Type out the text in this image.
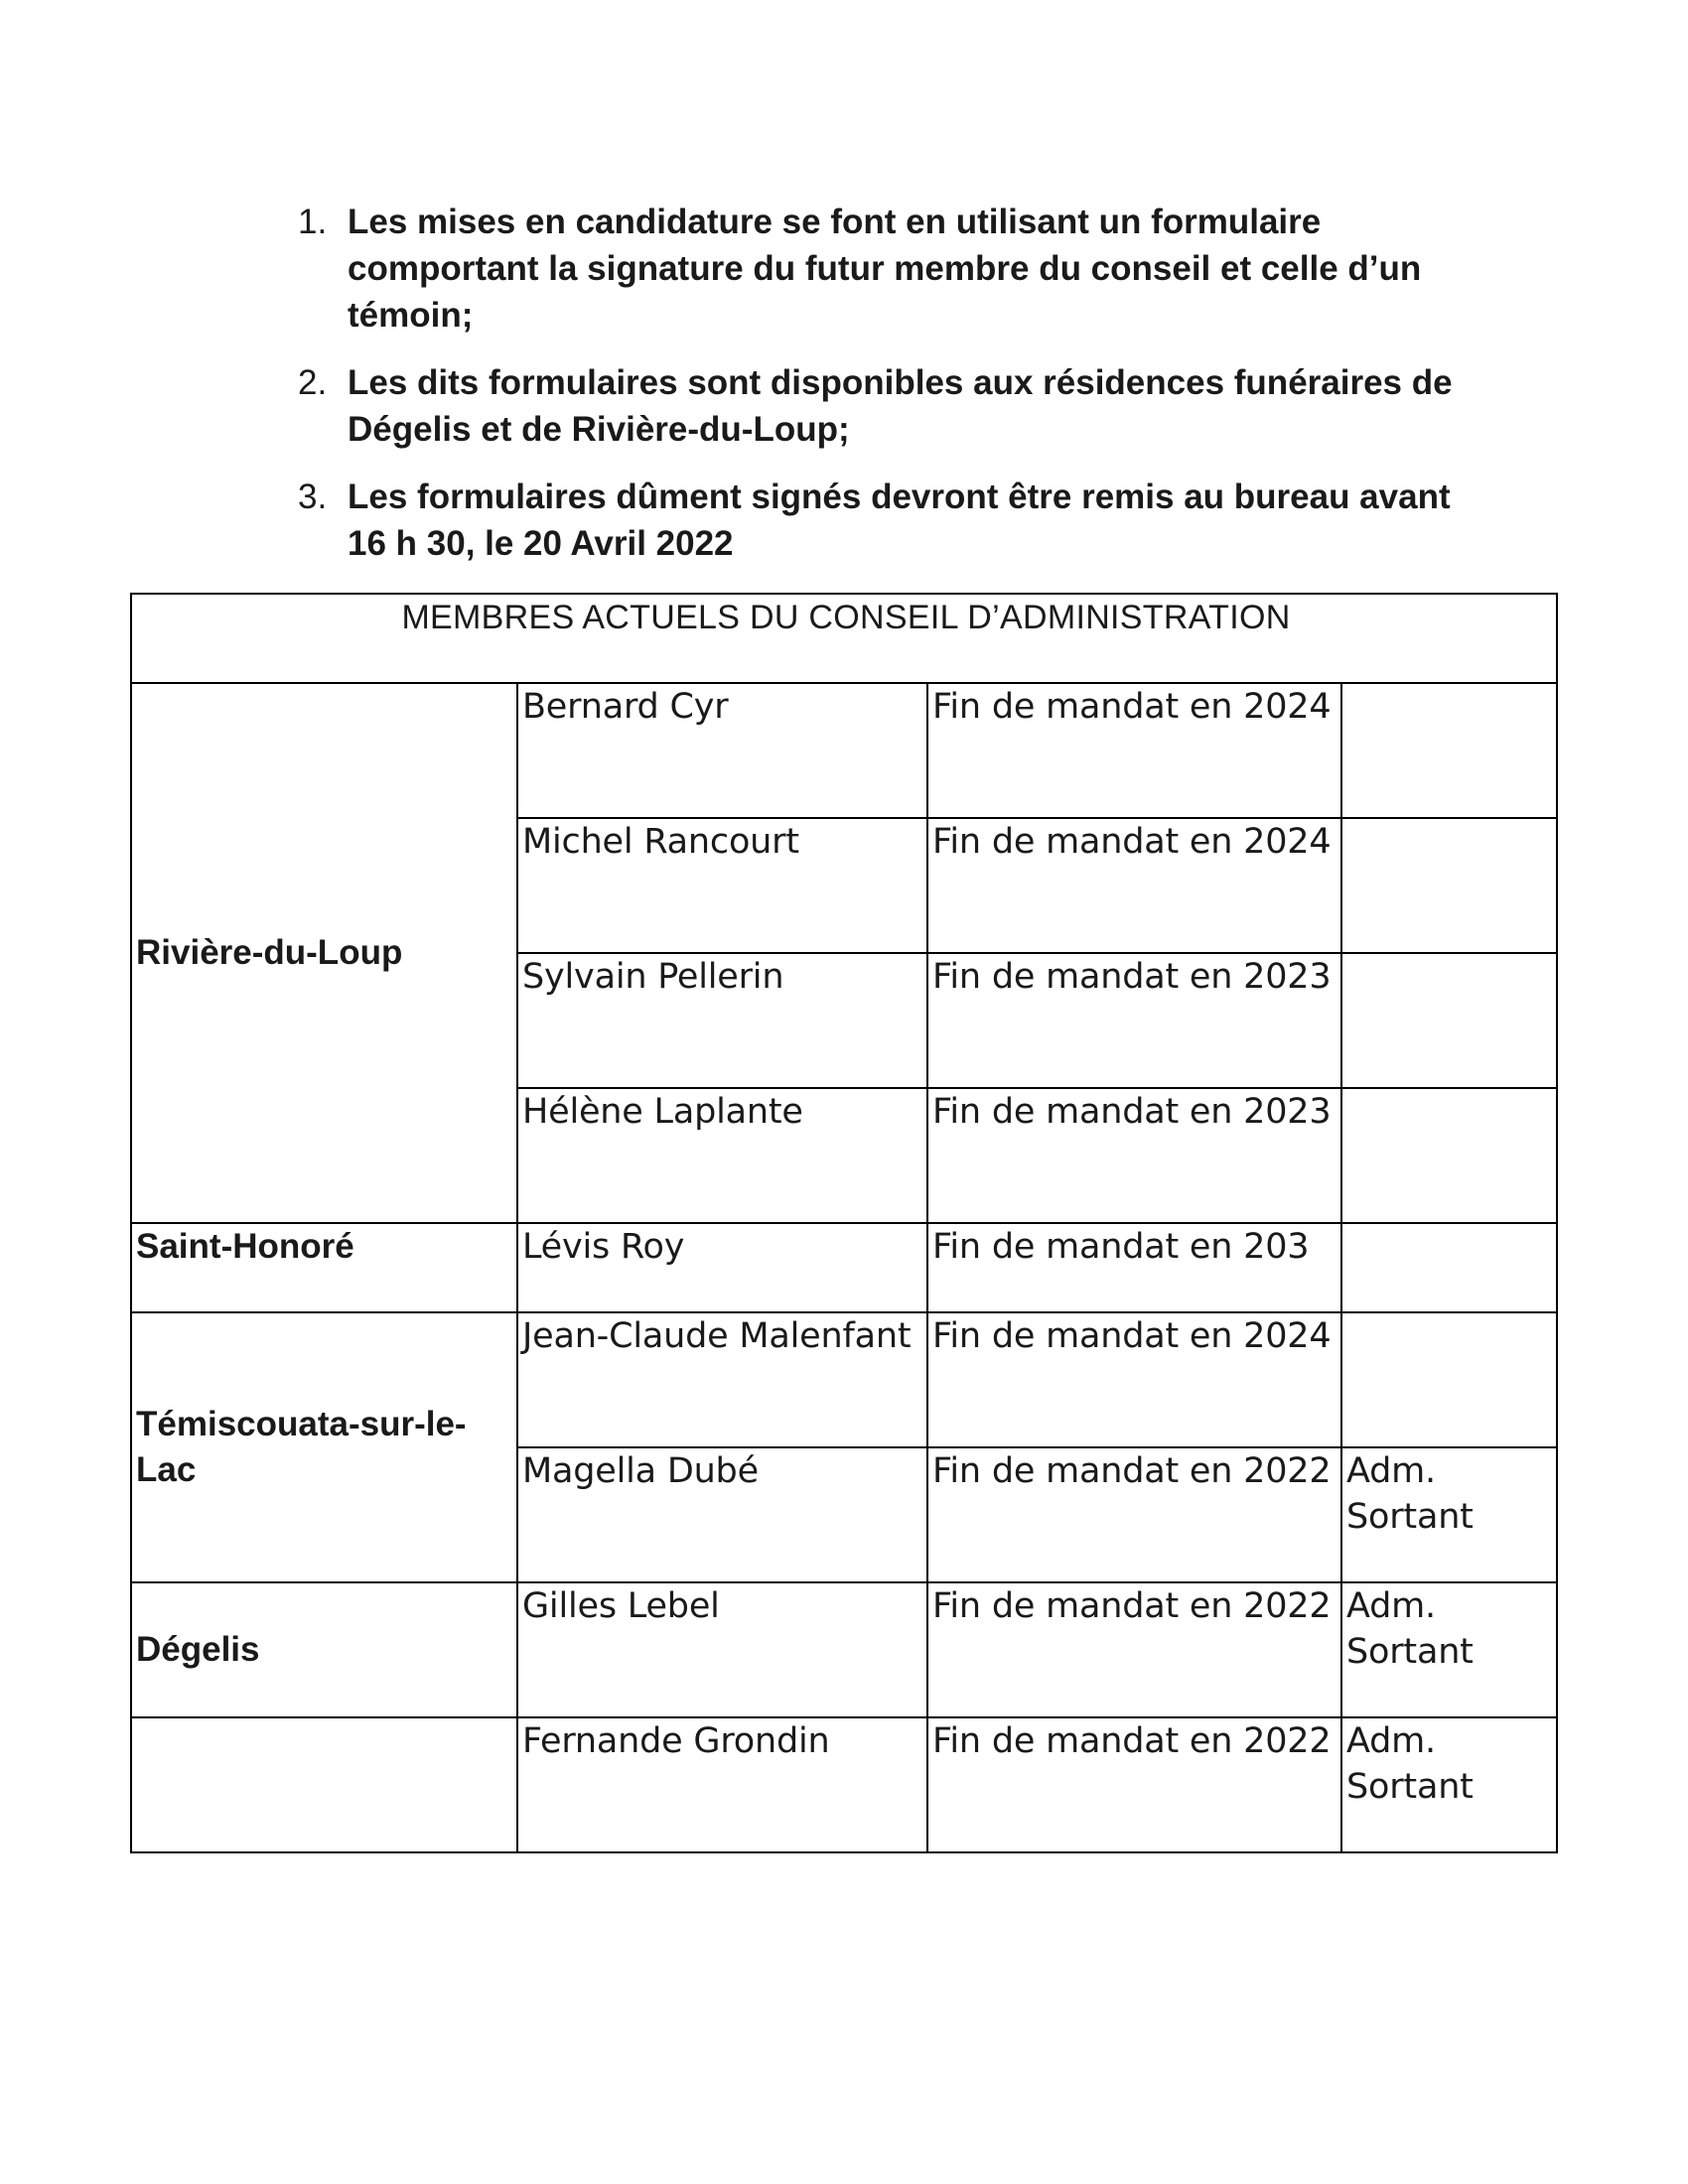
1. Les mises en candidature se font en utilisant un formulaire comportant la signature du futur membre du conseil et celle d’un témoin;
2. Les dits formulaires sont disponibles aux résidences funéraires de Dégelis et de Rivière-du-Loup;
3. Les formulaires dûment signés devront être remis au bureau avant 16 h 30, le 20 Avril 2022
MEMBRES ACTUELS DU CONSEIL D’ADMINISTRATION			
Rivière-du-Loup	Bernard Cyr	Fin de mandat en 2024	
	Michel Rancourt	Fin de mandat en 2024	
	Sylvain Pellerin	Fin de mandat en 2023	
	Hélène Laplante	Fin de mandat en 2023	
Saint-Honoré	Lévis Roy	Fin de mandat en 203	
Témiscouata-sur-le-Lac	Jean-Claude Malenfant	Fin de mandat en 2024	
	Magella Dubé	Fin de mandat en 2022	Adm. Sortant
Dégelis	Gilles Lebel	Fin de mandat en 2022	Adm. Sortant
	Fernande Grondin	Fin de mandat en 2022	Adm. Sortant
